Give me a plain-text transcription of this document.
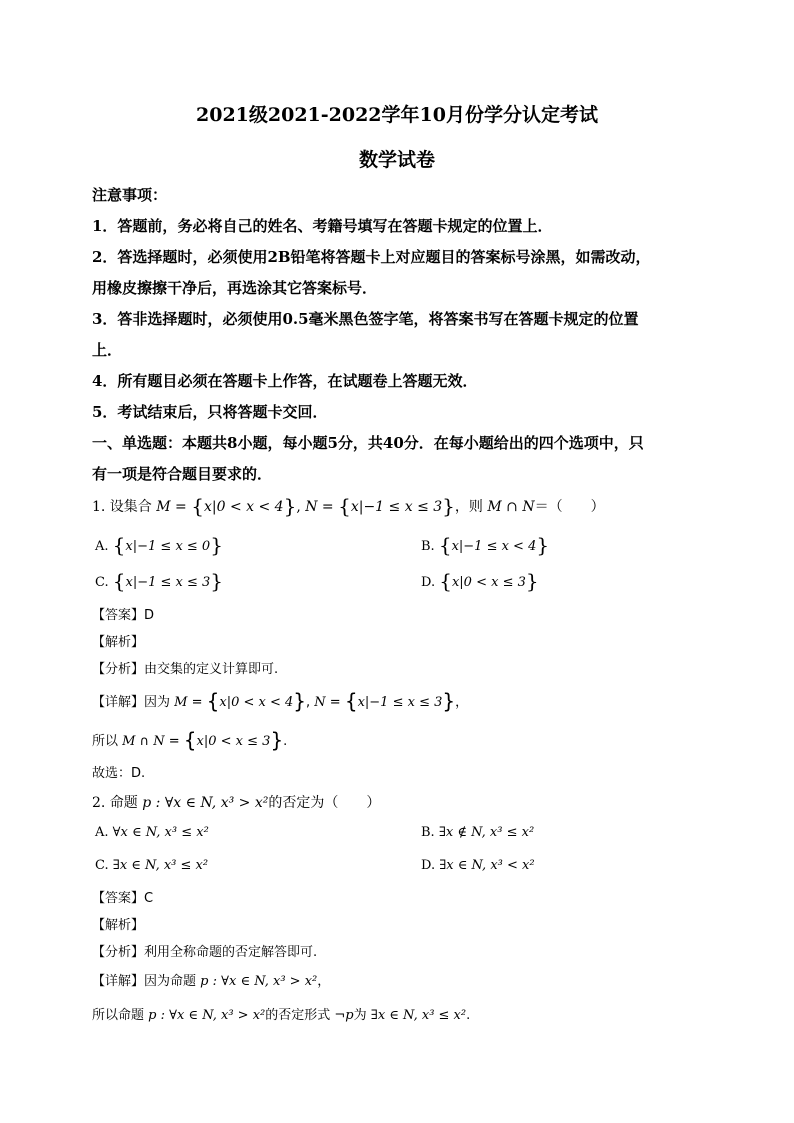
2021级2021-2022学年10月份学分认定考试
数学试卷
注意事项：
1．答题前，务必将自己的姓名、考籍号填写在答题卡规定的位置上．
2．答选择题时，必须使用2B铅笔将答题卡上对应题目的答案标号涂黑，如需改动，
用橡皮擦擦干净后，再选涂其它答案标号．
3．答非选择题时，必须使用0.5毫米黑色签字笔，将答案书写在答题卡规定的位置
上．
4．所有题目必须在答题卡上作答，在试题卷上答题无效．
5．考试结束后，只将答题卡交回．
一、单选题：本题共8小题，每小题5分，共40分．在每小题给出的四个选项中，只
有一项是符合题目要求的．
1. 设集合 M = {x|0 < x < 4}, N = {x|−1 ≤ x ≤ 3}，则 M ∩ N＝（　　）
A. {x|−1 ≤ x ≤ 0}	B. {x|−1 ≤ x < 4}
C. {x|−1 ≤ x ≤ 3}	D. {x|0 < x ≤ 3}
【答案】D
【解析】
【分析】由交集的定义计算即可.
【详解】因为 M = {x|0 < x < 4}, N = {x|−1 ≤ x ≤ 3}，
所以 M ∩ N = {x|0 < x ≤ 3}.
故选：D.
2. 命题 p : ∀x ∈ N, x³ > x²的否定为（　　）
A. ∀x ∈ N, x³ ≤ x²	B. ∃x ∉ N, x³ ≤ x²
C. ∃x ∈ N, x³ ≤ x²	D. ∃x ∈ N, x³ < x²
【答案】C
【解析】
【分析】利用全称命题的否定解答即可.
【详解】因为命题 p : ∀x ∈ N, x³ > x²，
所以命题 p : ∀x ∈ N, x³ > x²的否定形式 ¬p为 ∃x ∈ N, x³ ≤ x².
